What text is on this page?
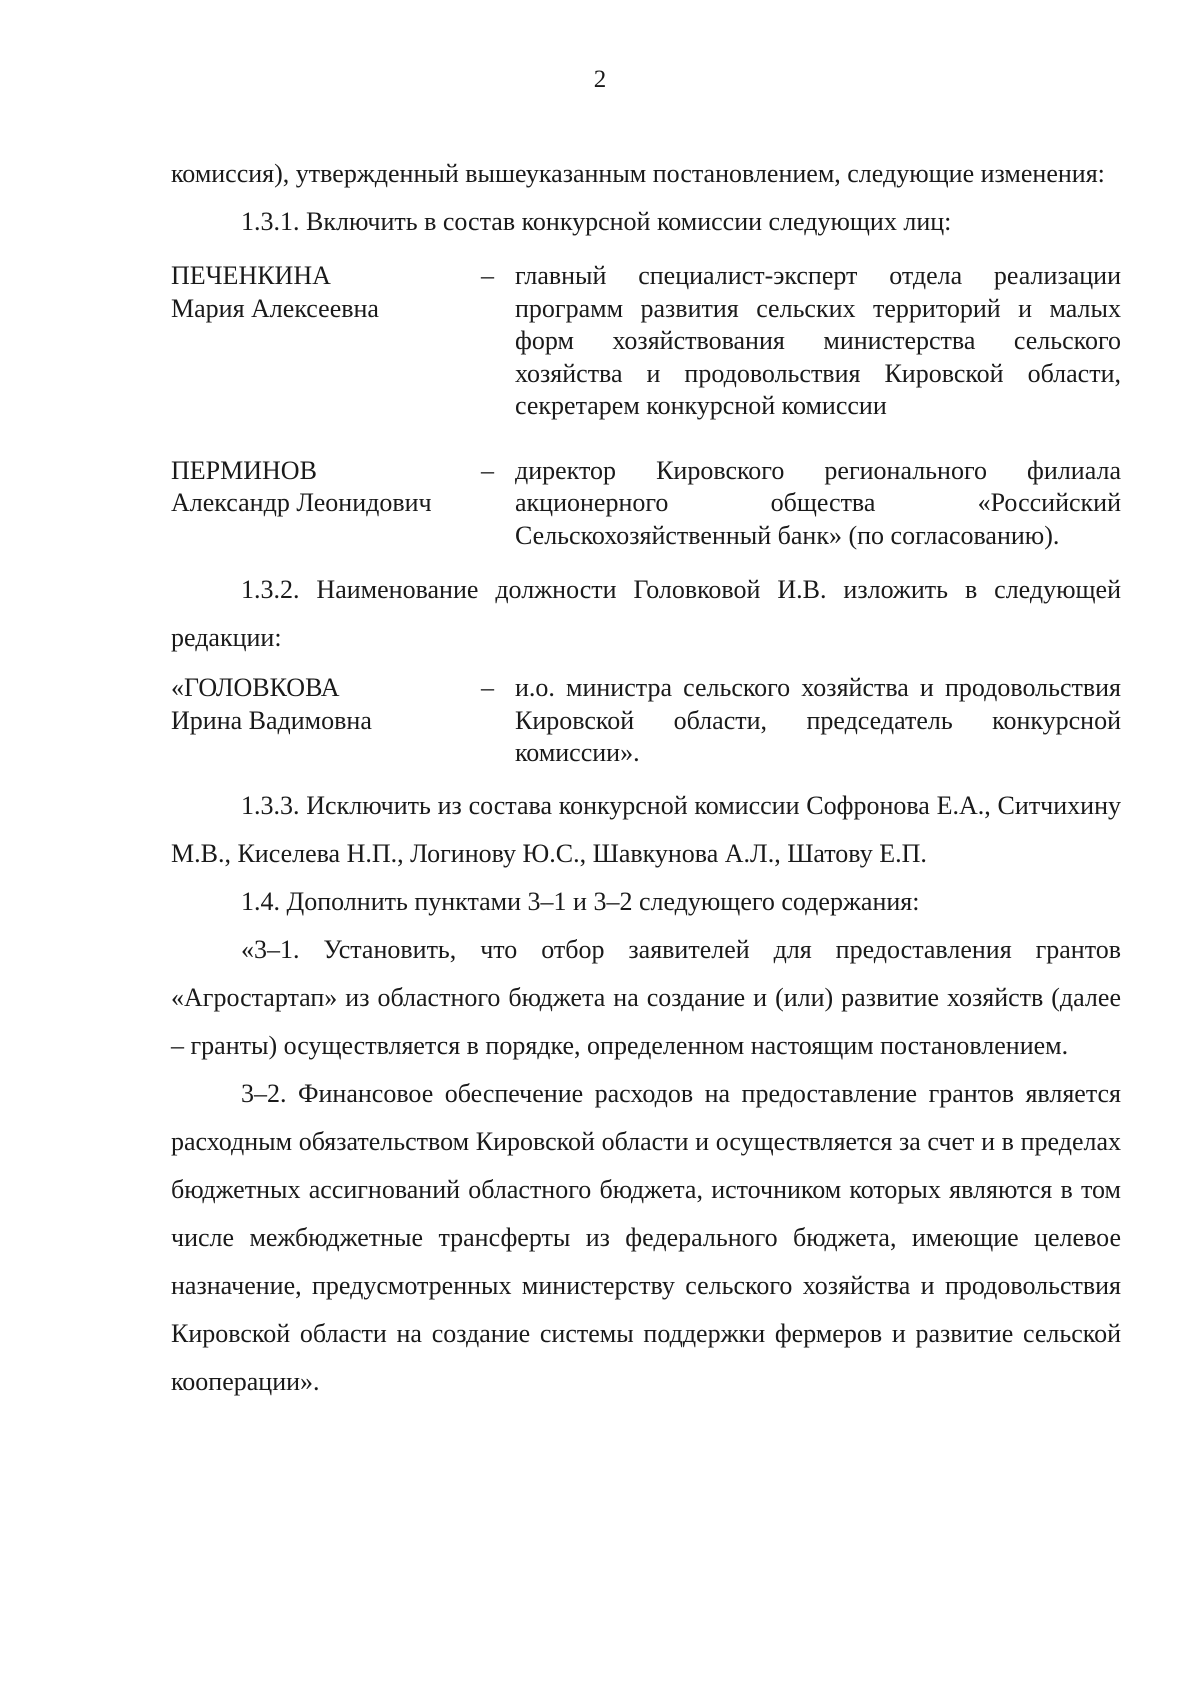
2

комиссия), утвержденный вышеуказанным постановлением, следующие изменения:

1.3.1. Включить в состав конкурсной комиссии следующих лиц:

ПЕЧЕНКИНА
Мария Алексеевна
– главный специалист-эксперт отдела реализации программ развития сельских территорий и малых форм хозяйствования министерства сельского хозяйства и продовольствия Кировской области, секретарем конкурсной комиссии
ПЕРМИНОВ
Александр Леонидович
– директор Кировского регионального филиала акционерного общества «Российский Сельскохозяйственный банк» (по согласованию).

1.3.2. Наименование должности Головковой И.В. изложить в следующей редакции:

«ГОЛОВКОВА
Ирина Вадимовна
– и.о. министра сельского хозяйства и продовольствия Кировской области, председатель конкурсной комиссии».

1.3.3. Исключить из состава конкурсной комиссии Софронова Е.А., Ситчихину М.В., Киселева Н.П., Логинову Ю.С., Шавкунова А.Л., Шатову Е.П.

1.4. Дополнить пунктами 3–1 и 3–2 следующего содержания:

«3–1. Установить, что отбор заявителей для предоставления грантов «Агростартап» из областного бюджета на создание и (или) развитие хозяйств (далее – гранты) осуществляется в порядке, определенном настоящим постановлением.

3–2. Финансовое обеспечение расходов на предоставление грантов является расходным обязательством Кировской области и осуществляется за счет и в пределах бюджетных ассигнований областного бюджета, источником которых являются в том числе межбюджетные трансферты из федерального бюджета, имеющие целевое назначение, предусмотренных министерству сельского хозяйства и продовольствия Кировской области на создание системы поддержки фермеров и развитие сельской кооперации».
